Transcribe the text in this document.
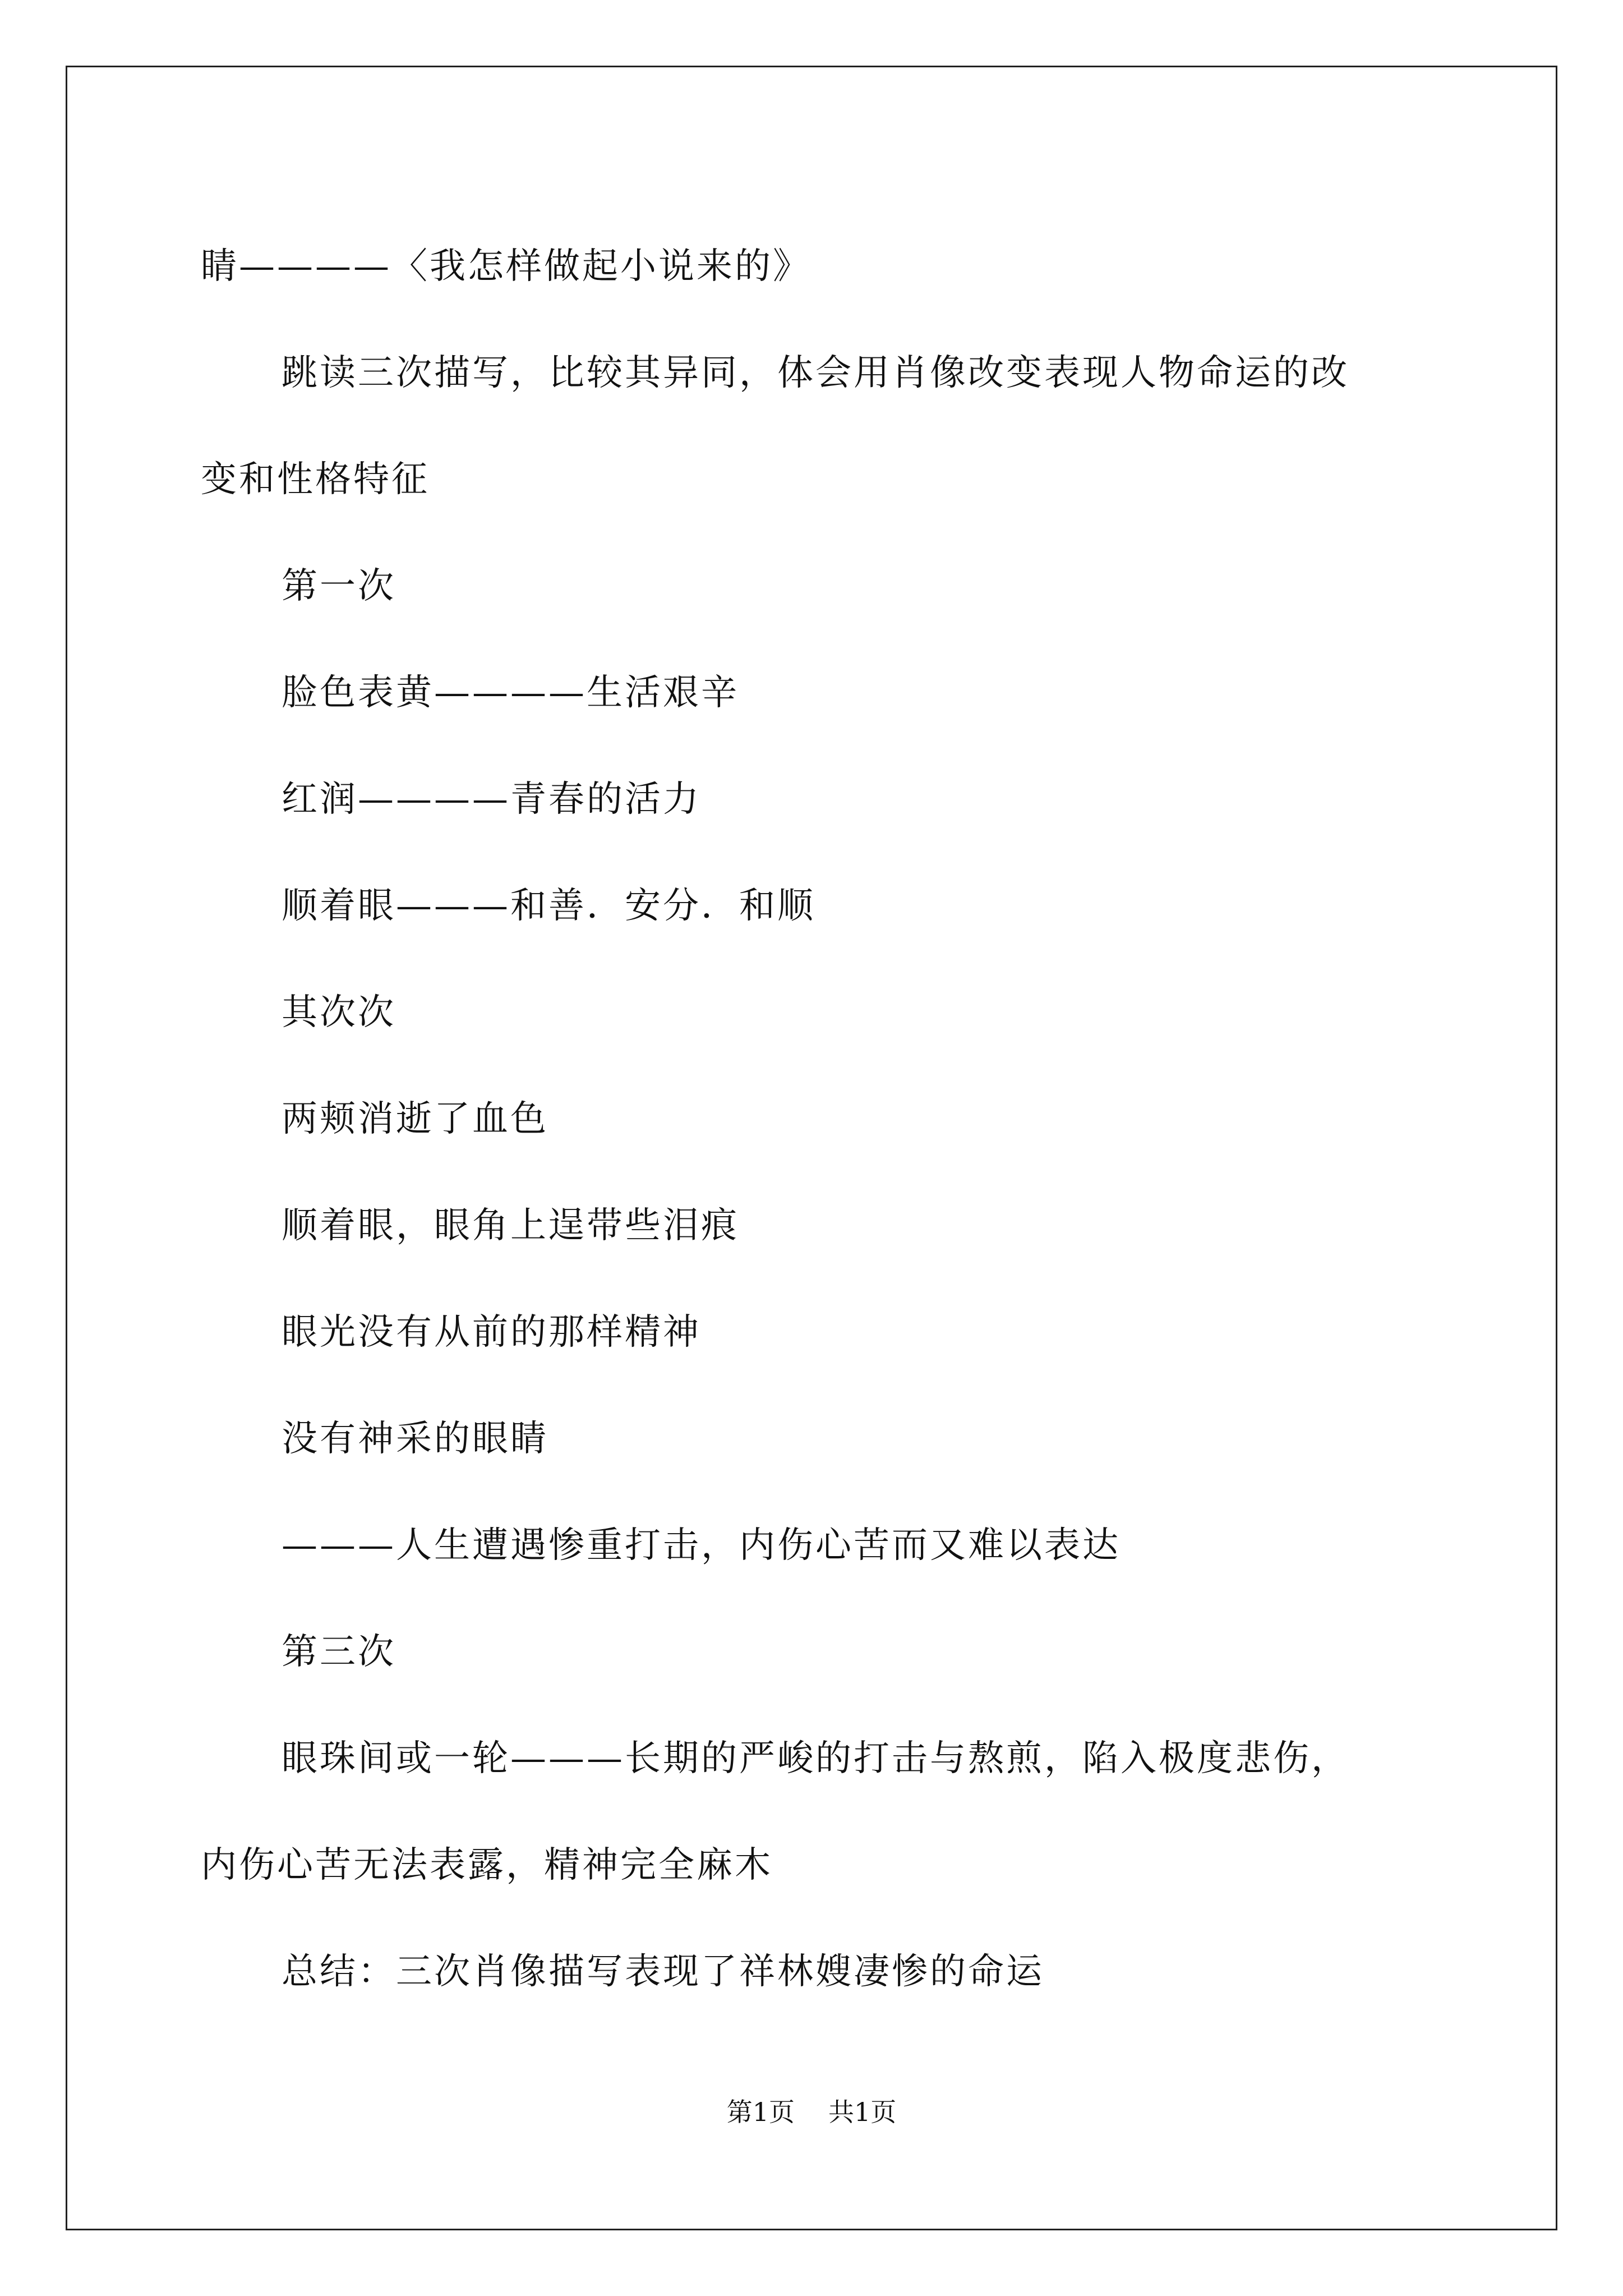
睛————〈我怎样做起小说来的》

跳读三次描写，比较其异同，体会用肖像改变表现人物命运的改

变和性格特征

第一次

脸色表黄————生活艰辛

红润————青春的活力

顺着眼———和善．安分．和顺

其次次

两颊消逝了血色

顺着眼，眼角上逞带些泪痕

眼光没有从前的那样精神

没有神采的眼睛

———人生遭遇惨重打击，内伤心苦而又难以表达

第三次

眼珠间或一轮———长期的严峻的打击与熬煎，陷入极度悲伤，

内伤心苦无法表露，精神完全麻木

总结：三次肖像描写表现了祥林嫂凄惨的命运

第1页 共1页
